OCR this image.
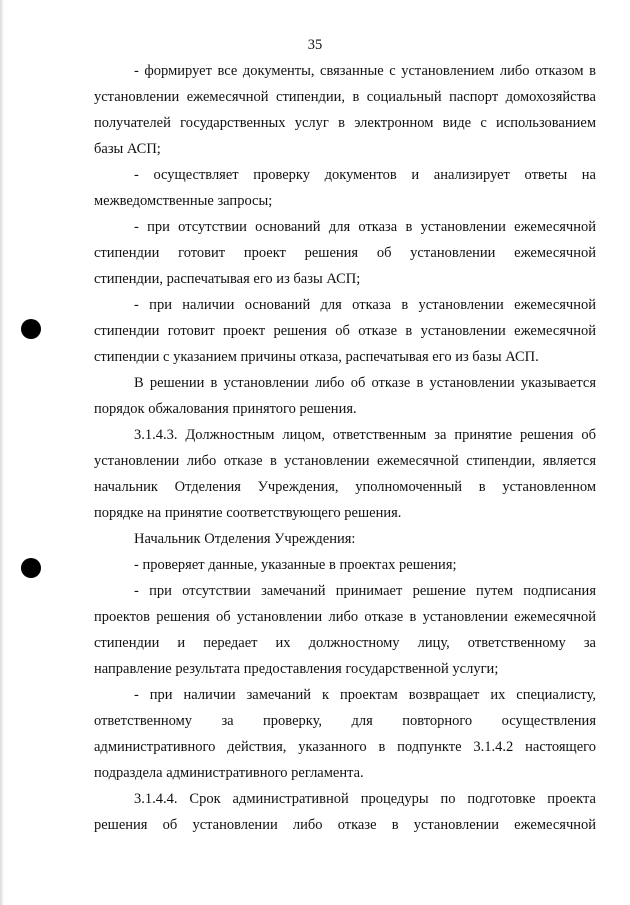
35
- формирует все документы, связанные с установлением либо отказом в
установлении ежемесячной стипендии, в социальный паспорт домохозяйства
получателей государственных услуг в электронном виде с использованием
базы АСП;
- осуществляет проверку документов и анализирует ответы на
межведомственные запросы;
- при отсутствии оснований для отказа в установлении ежемесячной
стипендии готовит проект решения об установлении ежемесячной
стипендии, распечатывая его из базы АСП;
- при наличии оснований для отказа в установлении ежемесячной
стипендии готовит проект решения об отказе в установлении ежемесячной
стипендии с указанием причины отказа, распечатывая его из базы АСП.
В решении в установлении либо об отказе в установлении указывается
порядок обжалования принятого решения.
3.1.4.3. Должностным лицом, ответственным за принятие решения об
установлении либо отказе в установлении ежемесячной стипендии, является
начальник Отделения Учреждения, уполномоченный в установленном
порядке на принятие соответствующего решения.
Начальник Отделения Учреждения:
- проверяет данные, указанные в проектах решения;
- при отсутствии замечаний принимает решение путем подписания
проектов решения об установлении либо отказе в установлении ежемесячной
стипендии и передает их должностному лицу, ответственному за
направление результата предоставления государственной услуги;
- при наличии замечаний к проектам возвращает их специалисту,
ответственному за проверку, для повторного осуществления
административного действия, указанного в подпункте 3.1.4.2 настоящего
подраздела административного регламента.
3.1.4.4. Срок административной процедуры по подготовке проекта
решения об установлении либо отказе в установлении ежемесячной
